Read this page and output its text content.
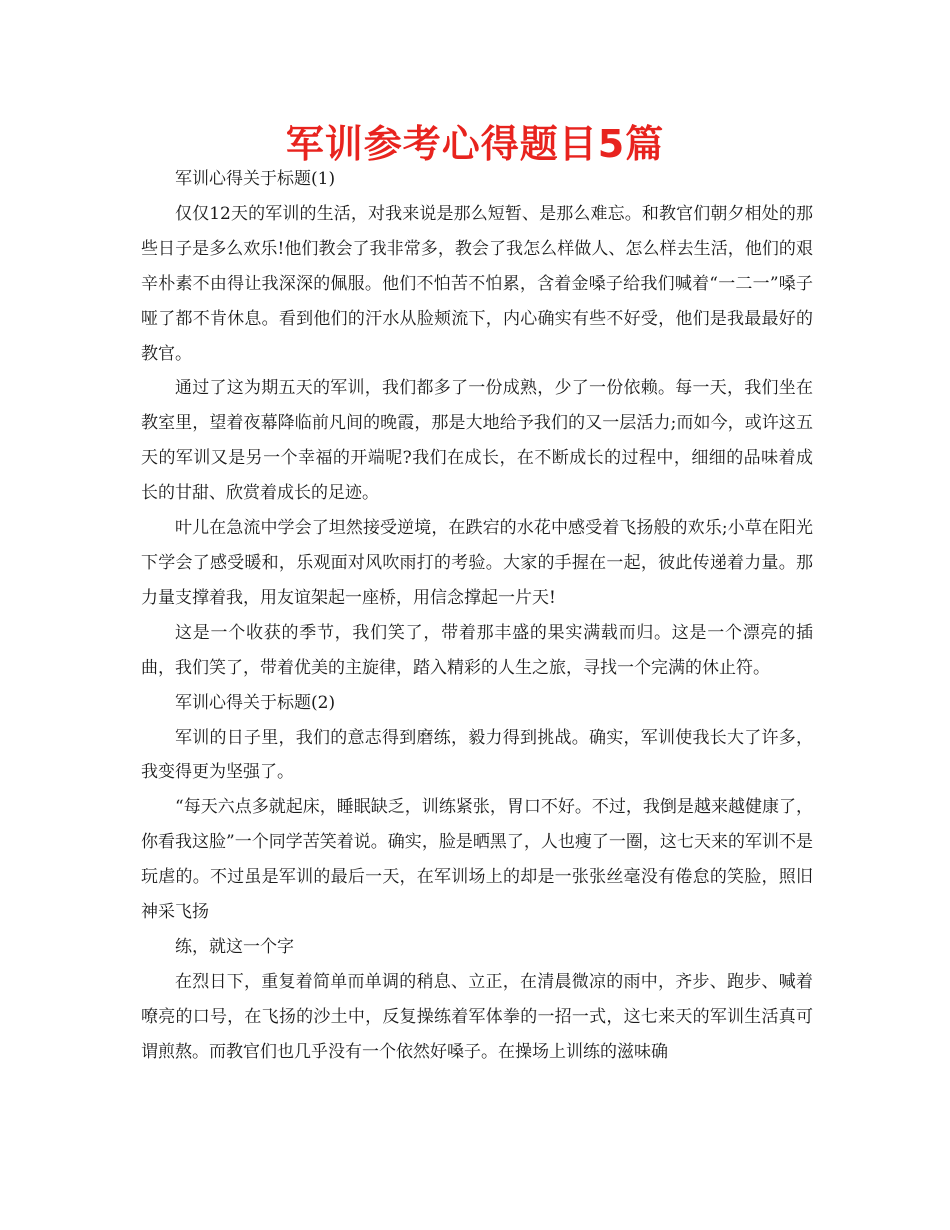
军训参考心得题目5篇

军训心得关于标题(1)

仅仅12天的军训的生活，对我来说是那么短暂、是那么难忘。和教官们朝夕相处的那些日子是多么欢乐!他们教会了我非常多，教会了我怎么样做人、怎么样去生活，他们的艰辛朴素不由得让我深深的佩服。他们不怕苦不怕累，含着金嗓子给我们喊着“一二一”嗓子哑了都不肯休息。看到他们的汗水从脸颊流下，内心确实有些不好受，他们是我最最好的教官。

通过了这为期五天的军训，我们都多了一份成熟，少了一份依赖。每一天，我们坐在教室里，望着夜幕降临前凡间的晚霞，那是大地给予我们的又一层活力;而如今，或许这五天的军训又是另一个幸福的开端呢?我们在成长，在不断成长的过程中，细细的品味着成长的甘甜、欣赏着成长的足迹。

叶儿在急流中学会了坦然接受逆境，在跌宕的水花中感受着飞扬般的欢乐;小草在阳光下学会了感受暖和，乐观面对风吹雨打的考验。大家的手握在一起，彼此传递着力量。那力量支撑着我，用友谊架起一座桥，用信念撑起一片天!

这是一个收获的季节，我们笑了，带着那丰盛的果实满载而归。这是一个漂亮的插曲，我们笑了，带着优美的主旋律，踏入精彩的人生之旅，寻找一个完满的休止符。

军训心得关于标题(2)

军训的日子里，我们的意志得到磨练，毅力得到挑战。确实，军训使我长大了许多，我变得更为坚强了。

“每天六点多就起床，睡眠缺乏，训练紧张，胃口不好。不过，我倒是越来越健康了，你看我这脸”一个同学苦笑着说。确实，脸是晒黑了，人也瘦了一圈，这七天来的军训不是玩虐的。不过虽是军训的最后一天，在军训场上的却是一张张丝毫没有倦怠的笑脸，照旧神采飞扬

练，就这一个字

在烈日下，重复着简单而单调的稍息、立正，在清晨微凉的雨中，齐步、跑步、喊着嘹亮的口号，在飞扬的沙土中，反复操练着军体拳的一招一式，这七来天的军训生活真可谓煎熬。而教官们也几乎没有一个依然好嗓子。在操场上训练的滋味确
